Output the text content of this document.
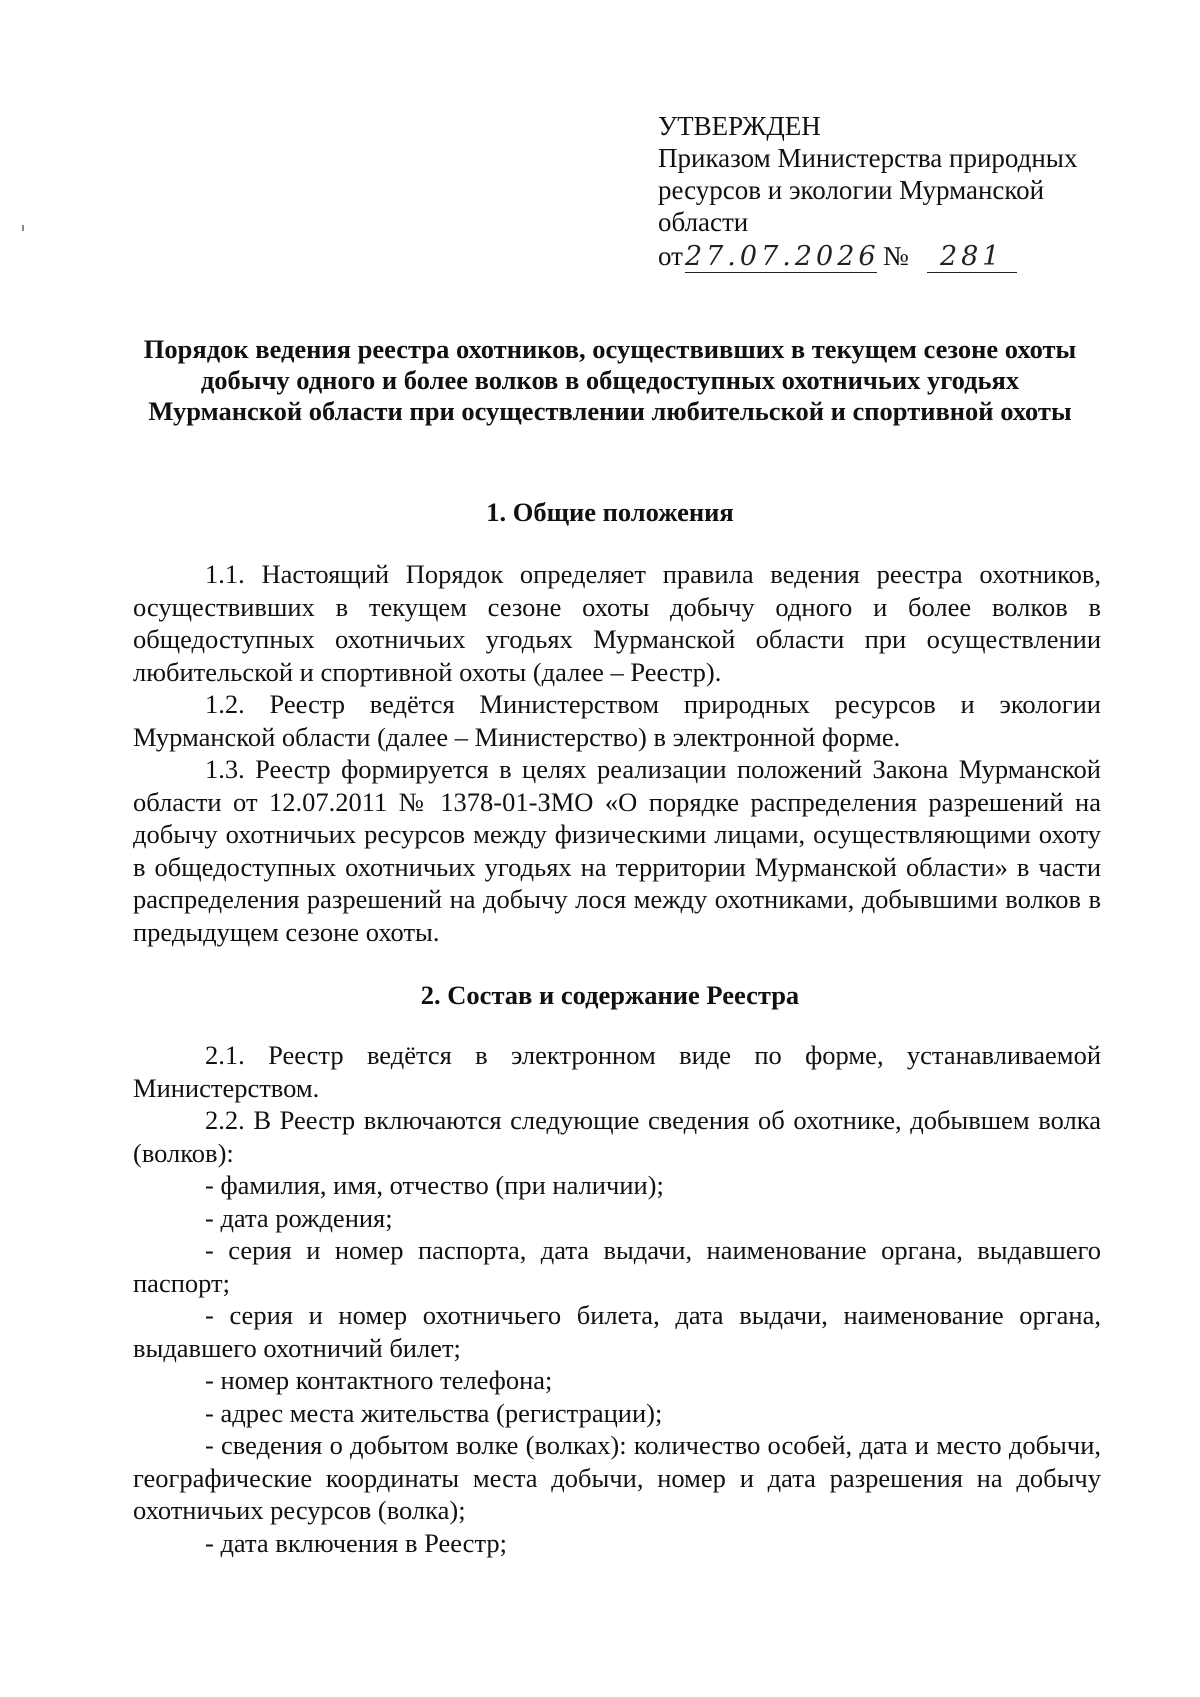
УТВЕРЖДЕН
Приказом Министерства природных
ресурсов и экологии Мурманской
области
от27.07.2026 № 281
Порядок ведения реестра охотников, осуществивших в текущем сезоне охоты добычу одного и более волков в общедоступных охотничьих угодьях Мурманской области при осуществлении любительской и спортивной охоты
1. Общие положения

1.1. Настоящий Порядок определяет правила ведения реестра охотников, осуществивших в текущем сезоне охоты добычу одного и более волков в общедоступных охотничьих угодьях Мурманской области при осуществлении любительской и спортивной охоты (далее – Реестр).

1.2. Реестр ведётся Министерством природных ресурсов и экологии Мурманской области (далее – Министерство) в электронной форме.

1.3. Реестр формируется в целях реализации положений Закона Мурманской области от 12.07.2011 № 1378-01-ЗМО «О порядке распределения разрешений на добычу охотничьих ресурсов между физическими лицами, осуществляющими охоту в общедоступных охотничьих угодьях на территории Мурманской области» в части распределения разрешений на добычу лося между охотниками, добывшими волков в предыдущем сезоне охоты.

2. Состав и содержание Реестра

2.1. Реестр ведётся в электронном виде по форме, устанавливаемой Министерством.

2.2. В Реестр включаются следующие сведения об охотнике, добывшем волка (волков):

- фамилия, имя, отчество (при наличии);

- дата рождения;

- серия и номер паспорта, дата выдачи, наименование органа, выдавшего паспорт;

- серия и номер охотничьего билета, дата выдачи, наименование органа, выдавшего охотничий билет;

- номер контактного телефона;

- адрес места жительства (регистрации);

- сведения о добытом волке (волках): количество особей, дата и место добычи, географические координаты места добычи, номер и дата разрешения на добычу охотничьих ресурсов (волка);

- дата включения в Реестр;
